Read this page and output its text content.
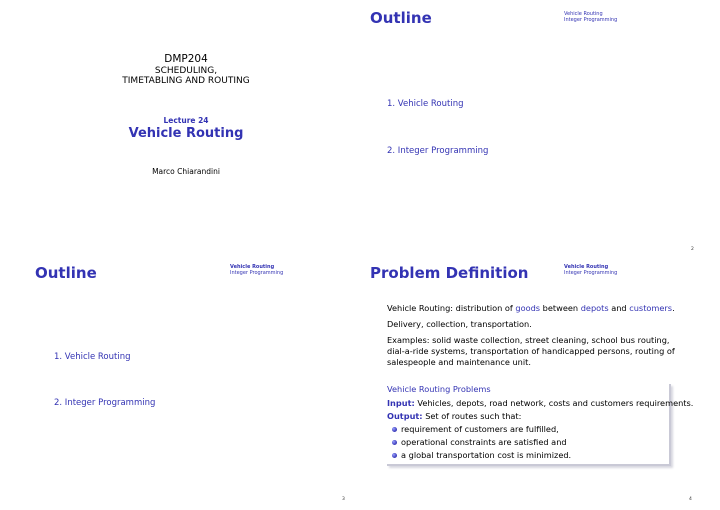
DMP204
SCHEDULING,
TIMETABLING AND ROUTING
Lecture 24
Vehicle Routing
Marco Chiarandini
Outline	Vehicle Routing
Integer Programming
1. Vehicle Routing
2. Integer Programming
2
Outline	Vehicle Routing
Integer Programming
1. Vehicle Routing
2. Integer Programming
3
Problem Definition	Vehicle Routing
Integer Programming
Vehicle Routing: distribution of goods between depots and customers.
Delivery, collection, transportation.
Examples: solid waste collection, street cleaning, school bus routing,
dial-a-ride systems, transportation of handicapped persons, routing of
salespeople and maintenance unit.
Vehicle Routing Problems
Input: Vehicles, depots, road network, costs and customers requirements.
Output: Set of routes such that:
requirement of customers are fulfilled,
operational constraints are satisfied and
a global transportation cost is minimized.
4
